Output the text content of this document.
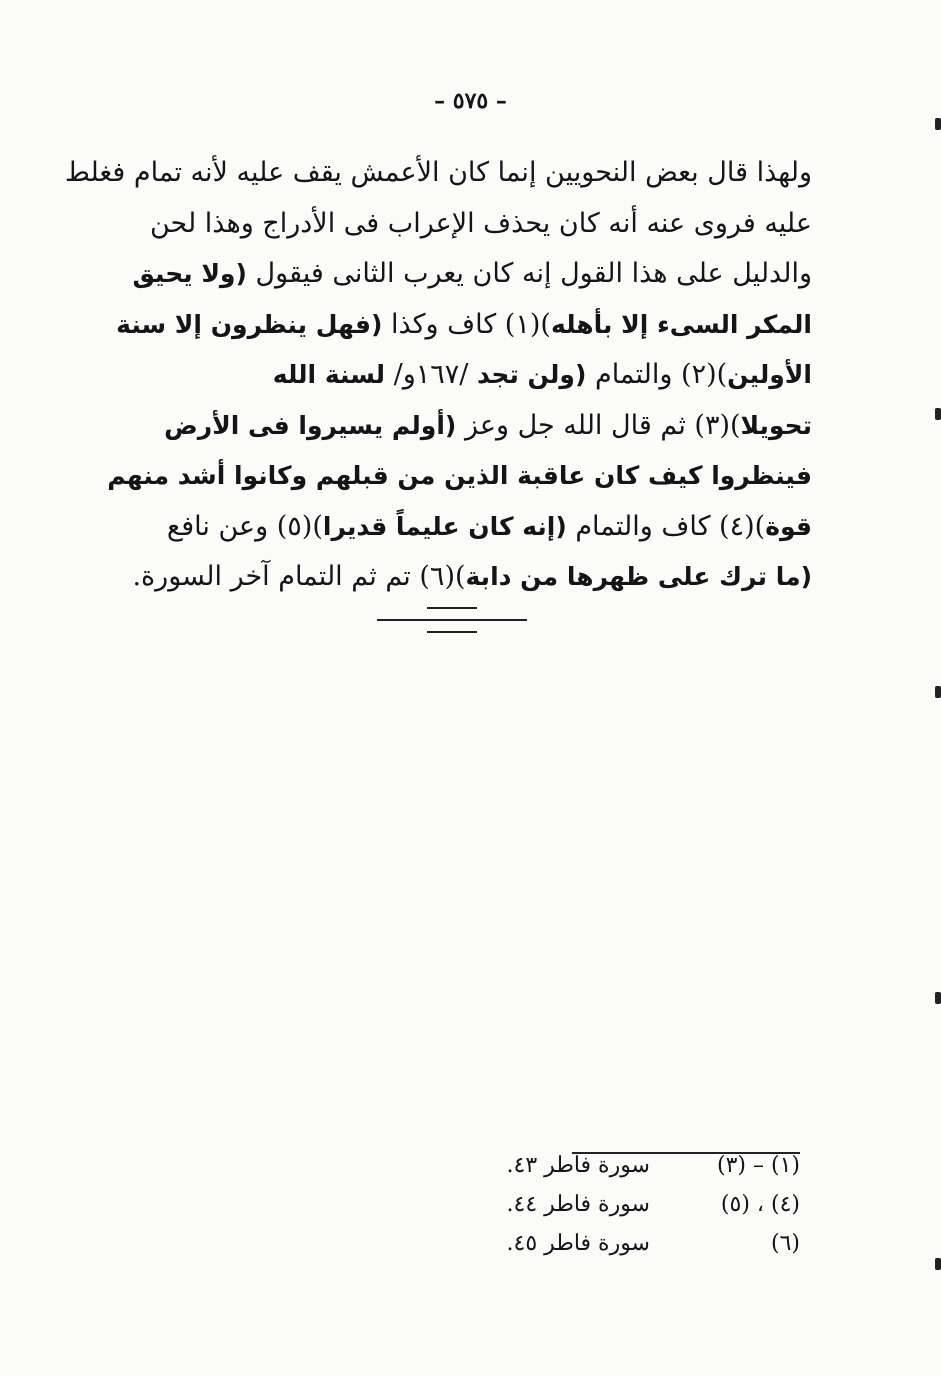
– ٥٧٥ –
ولهذا قال بعض النحويين إنما كان الأعمش يقف عليه لأنه تمام فغلط
عليه فروى عنه أنه كان يحذف الإعراب فى الأدراج وهذا لحن
والدليل على هذا القول إنه كان يعرب الثانى فيقول (ولا يحيق
المكر السىء إلا بأهله)(١) كاف وكذا (فهل ينظرون إلا سنة
الأولين)(٢) والتمام (ولن تجد /١٦٧و/ لسنة الله
تحويلا)(٣) ثم قال الله جل وعز (أولم يسيروا فى الأرض
فينظروا كيف كان عاقبة الذين من قبلهم وكانوا أشد منهم
قوة)(٤) كاف والتمام (إنه كان عليماً قديرا)(٥) وعن نافع
(ما ترك على ظهرها من دابة)(٦) تم ثم التمام آخر السورة.
(١) – (٣)
سورة فاطر ٤٣.
(٤) ، (٥)
سورة فاطر ٤٤.
(٦)
سورة فاطر ٤٥.
